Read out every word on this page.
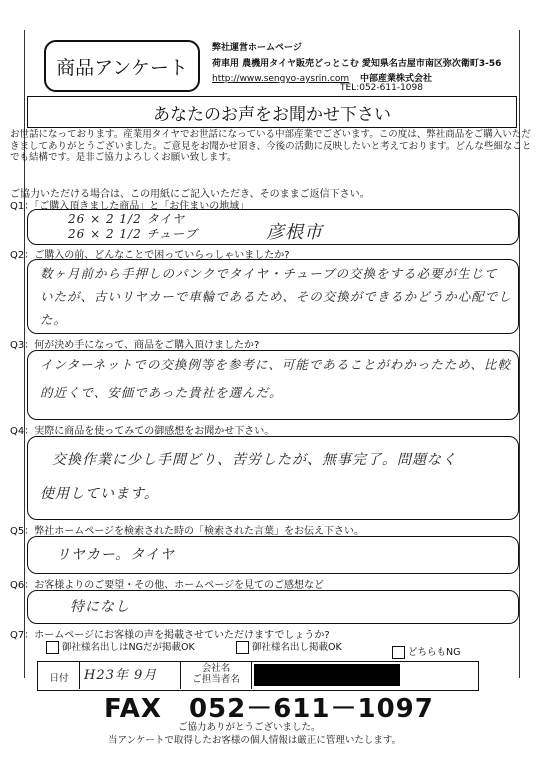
商品アンケート
弊社運営ホームページ
荷車用 農機用タイヤ販売どっとこむ 愛知県名古屋市南区弥次衛町3-56
http://www.sengyo-aysrin.com 中部産業株式会社
TEL:052-611-1098
あなたのお声をお聞かせ下さい
お世話になっております。産業用タイヤでお世話になっている中部産業でございます。この度は、弊社商品をご購入いただきましてありがとうございました。ご意見をお聞かせ頂き、今後の活動に反映したいと考えております。どんな些細なことでも結構です。是非ご協力よろしくお願い致します。
ご協力いただける場合は、この用紙にご記入いただき、そのままご返信下さい。
Q1：「ご購入頂きました商品」と「お住まいの地域」
26 × 2 1/2 タイヤ
26 × 2 1/2 チューブ	彦根市
Q2：ご購入の前、どんなことで困っていらっしゃいましたか?
数ヶ月前から手押しのパンクでタイヤ・チューブの交換をする必要が生じて
いたが、古いリヤカーで車輪であるため、その交換ができるかどうか心配でし
た。
Q3：何が決め手になって、商品をご購入頂けましたか?
インターネットでの交換例等を参考に、可能であることがわかったため、比較
的近くで、安価であった貴社を選んだ。
Q4：実際に商品を使ってみての御感想をお聞かせ下さい。
交換作業に少し手間どり、苦労したが、無事完了。問題なく
使用しています。
Q5：弊社ホームページを検索された時の「検索された言葉」をお伝え下さい。
リヤカー。タイヤ
Q6：お客様よりのご要望・その他、ホームページを見てのご感想など
特になし
Q7：ホームページにお客様の声を掲載させていただけますでしょうか?
御社様名出しはNGだが掲載OK	御社様名出し掲載OK	どちらもNG
日付	H23年 9月	会社名
ご担当者名
FAX　052－611－1097
ご協力ありがとうございました。
当アンケートで取得したお客様の個人情報は厳正に管理いたします。
